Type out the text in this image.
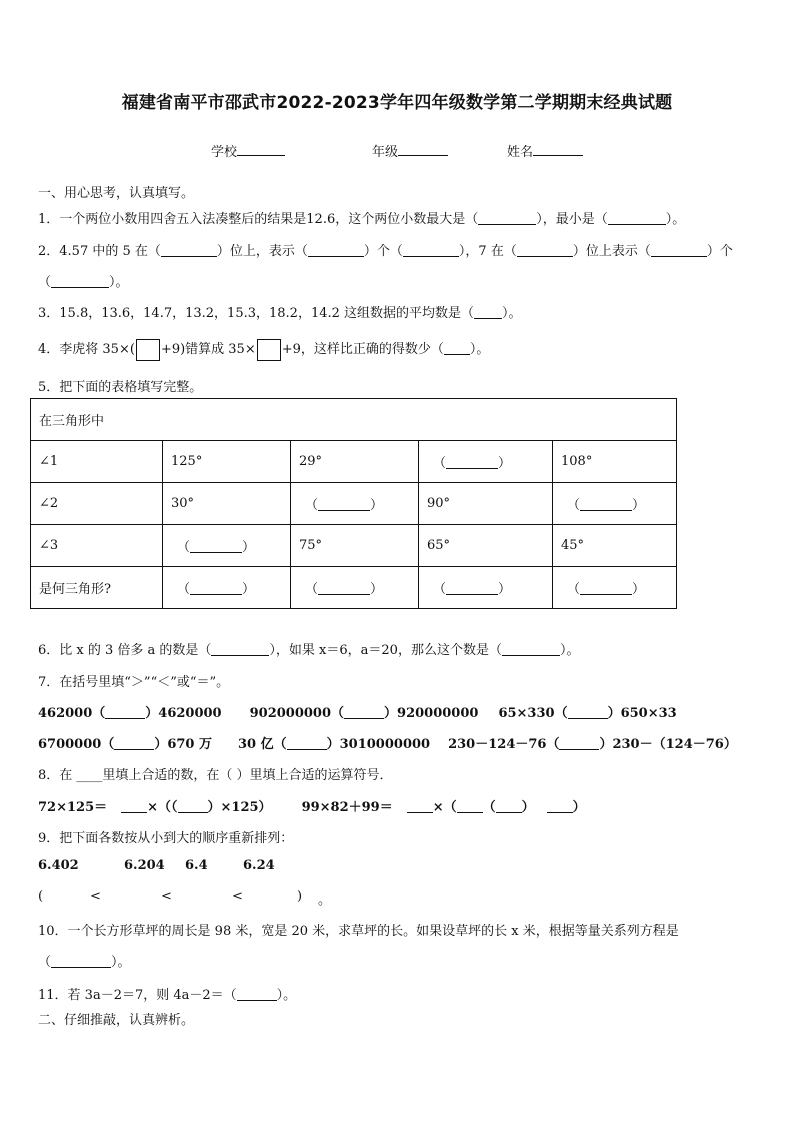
福建省南平市邵武市2022-2023学年四年级数学第二学期期末经典试题
学校	年级	姓名
一、用心思考，认真填写。
1．一个两位小数用四舍五入法凑整后的结果是12.6，这个两位小数最大是（	），最小是（	）。
2．4.57 中的 5 在（	）位上，表示（	）个（	），7 在（	）位上表示（	）个
（	）。
3．15.8，13.6，14.7，13.2，15.3，18.2，14.2 这组数据的平均数是（ ）。
4．李虎将 35×( +9)错算成 35× +9，这样比正确的得数少（ ）。
5．把下面的表格填写完整。
在三角形中				
∠1	125°	29°	（ ）	108°
∠2	30°	（ ）	90°	（ ）
∠3	（ ）	75°	65°	45°
是何三角形?	（ ）	（ ）	（ ）	（ ）
6．比 x 的 3 倍多 a 的数是（	），如果 x＝6，a＝20，那么这个数是（	）。
7．在括号里填“＞”“＜”或“＝”。
462000（	）4620000 902000000（	）920000000 65×330（	）650×33
6700000（	）670 万 30 亿（	）3010000000 230－124－76（	）230－（124－76）
8．在 ____里填上合适的数，在（ ）里填上合适的运算符号．
72×125＝	×（（ ）×125） 99×82＋99＝	×（ （ ）	）
9．把下面各数按从小到大的顺序重新排列：
6.402	6.204 6.4	6.24
(	<	<	<	) 。
10．一个长方形草坪的周长是 98 米，宽是 20 米，求草坪的长。如果设草坪的长 x 米，根据等量关系列方程是
（	）。
11．若 3a－2＝7，则 4a－2＝（	）。
二、仔细推敲，认真辨析。
